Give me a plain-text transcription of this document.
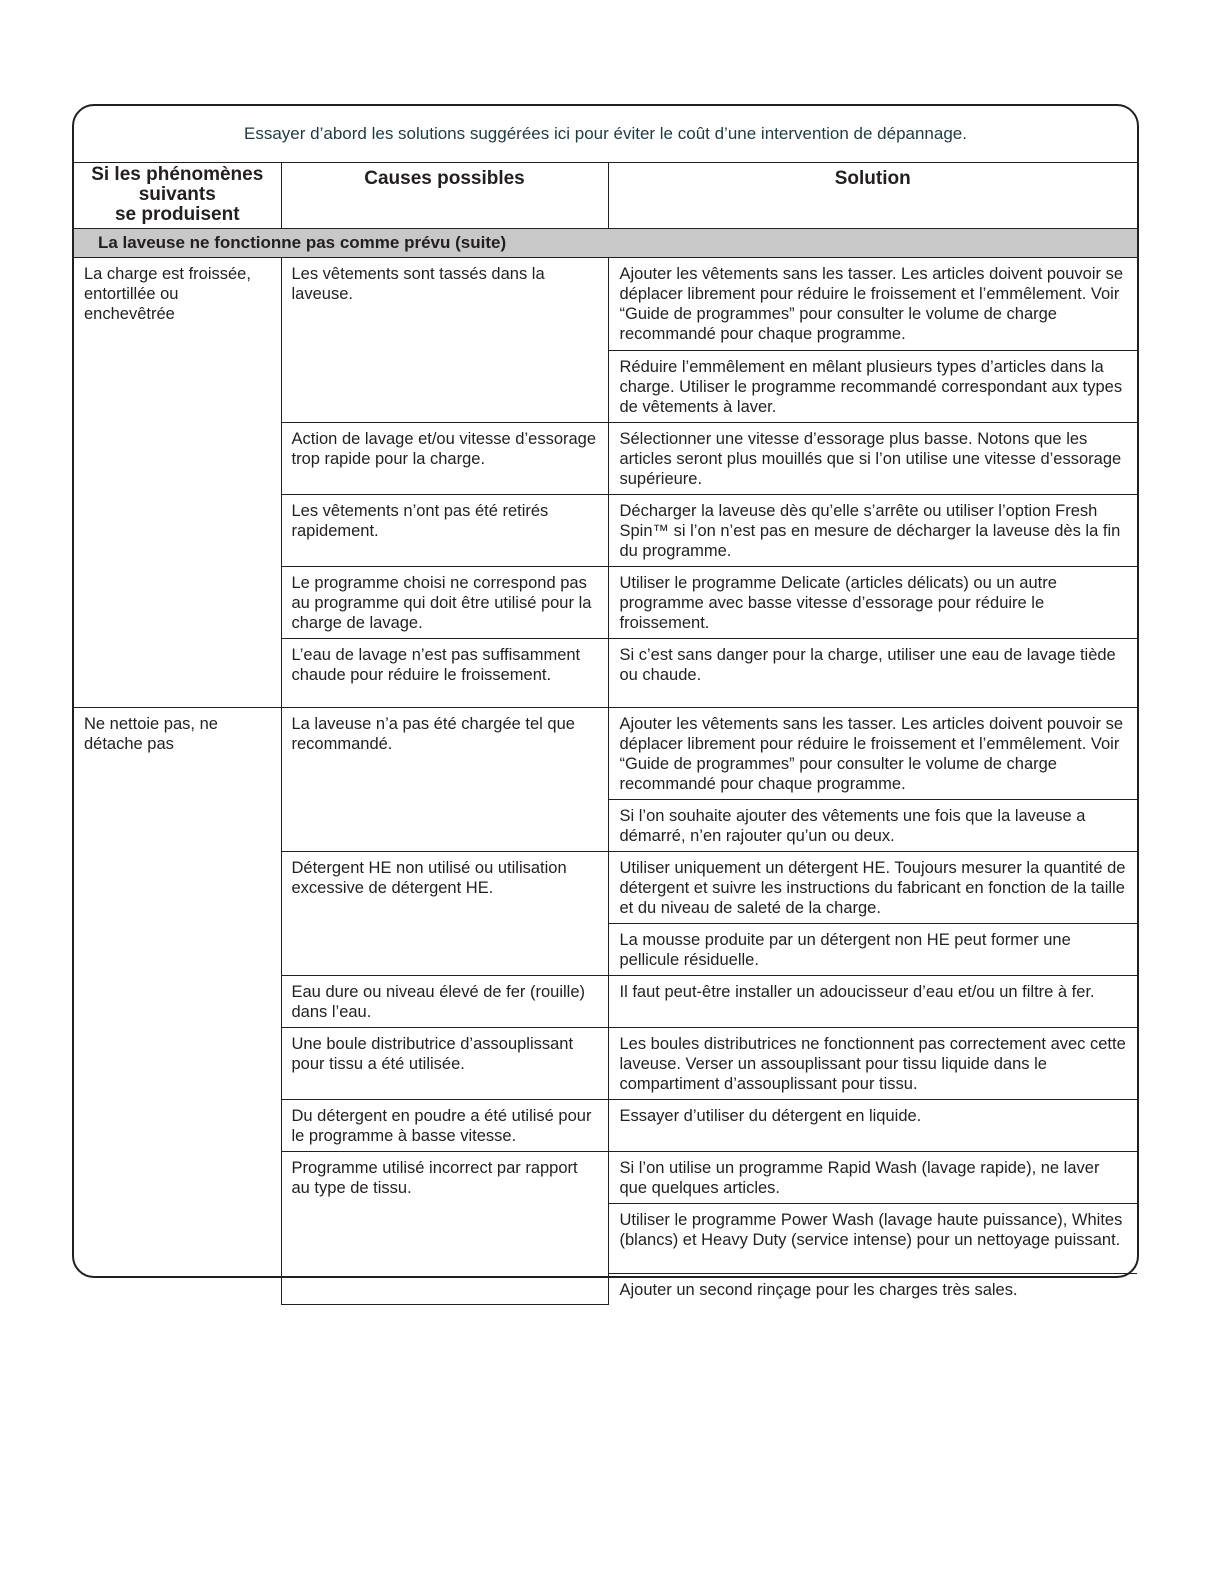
Essayer d’abord les solutions suggérées ici pour éviter le coût d’une intervention de dépannage.		
Si les phénomènes
suivants
se produisent	Causes possibles	Solution
La laveuse ne fonctionne pas comme prévu (suite)		
La charge est froissée, entortillée ou enchevêtrée	Les vêtements sont tassés dans la laveuse.	Ajouter les vêtements sans les tasser. Les articles doivent pouvoir se déplacer librement pour réduire le froissement et l’emmêlement. Voir “Guide de programmes” pour consulter le volume de charge recommandé pour chaque programme.
		Réduire l’emmêlement en mêlant plusieurs types d’articles dans la charge. Utiliser le programme recommandé correspondant aux types de vêtements à laver.
	Action de lavage et/ou vitesse d’essorage trop rapide pour la charge.	Sélectionner une vitesse d’essorage plus basse. Notons que les articles seront plus mouillés que si l’on utilise une vitesse d’essorage supérieure.
	Les vêtements n’ont pas été retirés rapidement.	Décharger la laveuse dès qu’elle s’arrête ou utiliser l’option Fresh Spin™ si l’on n’est pas en mesure de décharger la laveuse dès la fin du programme.
	Le programme choisi ne correspond pas au programme qui doit être utilisé pour la charge de lavage.	Utiliser le programme Delicate (articles délicats) ou un autre programme avec basse vitesse d’essorage pour réduire le froissement.
	L’eau de lavage n’est pas suffisamment chaude pour réduire le froissement.	Si c’est sans danger pour la charge, utiliser une eau de lavage tiède ou chaude.
Ne nettoie pas, ne détache pas	La laveuse n’a pas été chargée tel que recommandé.	Ajouter les vêtements sans les tasser. Les articles doivent pouvoir se déplacer librement pour réduire le froissement et l’emmêlement. Voir “Guide de programmes” pour consulter le volume de charge recommandé pour chaque programme.
		Si l’on souhaite ajouter des vêtements une fois que la laveuse a démarré, n’en rajouter qu’un ou deux.
	Détergent HE non utilisé ou utilisation excessive de détergent HE.	Utiliser uniquement un détergent HE. Toujours mesurer la quantité de détergent et suivre les instructions du fabricant en fonction de la taille et du niveau de saleté de la charge.
		La mousse produite par un détergent non HE peut former une pellicule résiduelle.
	Eau dure ou niveau élevé de fer (rouille) dans l’eau.	Il faut peut-être installer un adoucisseur d’eau et/ou un filtre à fer.
	Une boule distributrice d’assouplissant pour tissu a été utilisée.	Les boules distributrices ne fonctionnent pas correctement avec cette laveuse. Verser un assouplissant pour tissu liquide dans le compartiment d’assouplissant pour tissu.
	Du détergent en poudre a été utilisé pour le programme à basse vitesse.	Essayer d’utiliser du détergent en liquide.
	Programme utilisé incorrect par rapport au type de tissu.	Si l’on utilise un programme Rapid Wash (lavage rapide), ne laver que quelques articles.
		Utiliser le programme Power Wash (lavage haute puissance), Whites (blancs) et Heavy Duty (service intense) pour un nettoyage puissant.
		Ajouter un second rinçage pour les charges très sales.
